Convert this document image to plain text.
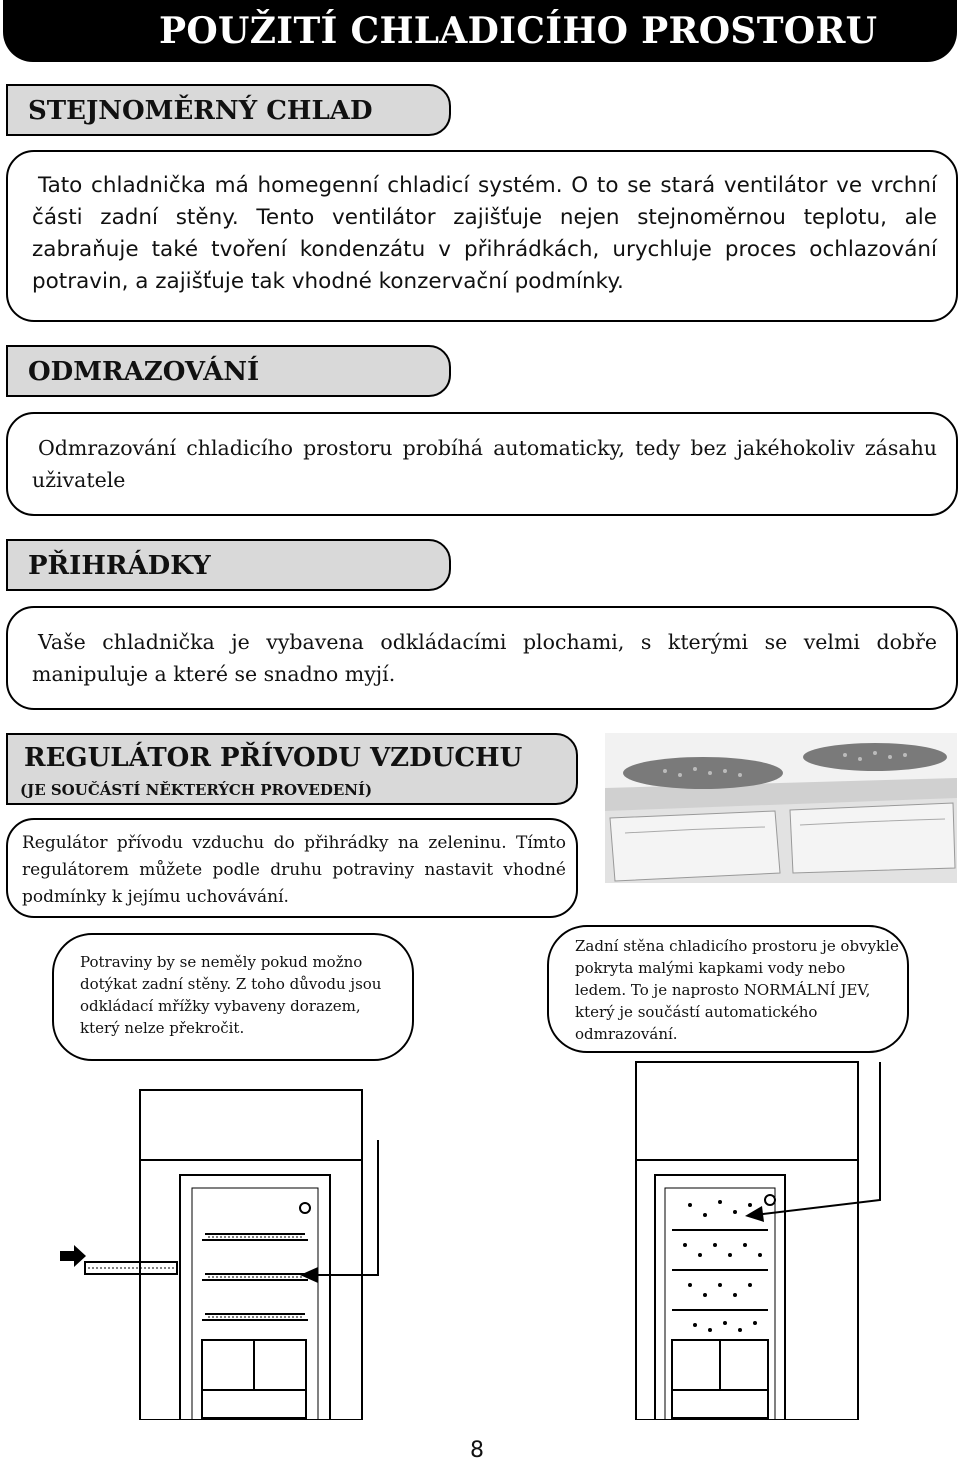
POUŽITÍ CHLADICÍHO PROSTORU
STEJNOMĚRNÝ CHLAD
Tato chladnička má homegenní chladicí systém. O to se stará ventilátor ve vrchní části zadní stěny. Tento ventilátor zajišťuje nejen stejnoměrnou teplotu, ale zabraňuje také tvoření kondenzátu v přihrádkách, urychluje proces ochlazování potravin, a zajišťuje tak vhodné konzervační podmínky.
ODMRAZOVÁNÍ
Odmrazování chladicího prostoru probíhá automaticky, tedy bez jakéhokoliv zásahu uživatele
PŘIHRÁDKY
Vaše chladnička je vybavena odkládacími plochami, s kterými se velmi dobře manipuluje a které se snadno myjí.
REGULÁTOR PŘÍVODU VZDUCHU
(JE SOUČÁSTÍ NĚKTERÝCH PROVEDENÍ)
Regulátor přívodu vzduchu do přihrádky na zeleninu. Tímto regulátorem můžete podle druhu potraviny nastavit vhodné podmínky k jejímu uchovávání.
Potraviny by se neměly pokud možno dotýkat zadní stěny. Z toho důvodu jsou odkládací mřížky vybaveny dorazem, který nelze překročit.
Zadní stěna chladicího prostoru je obvykle pokryta malými kapkami vody nebo ledem. To je naprosto NORMÁLNÍ JEV, který je součástí automatického odmrazování.
8
